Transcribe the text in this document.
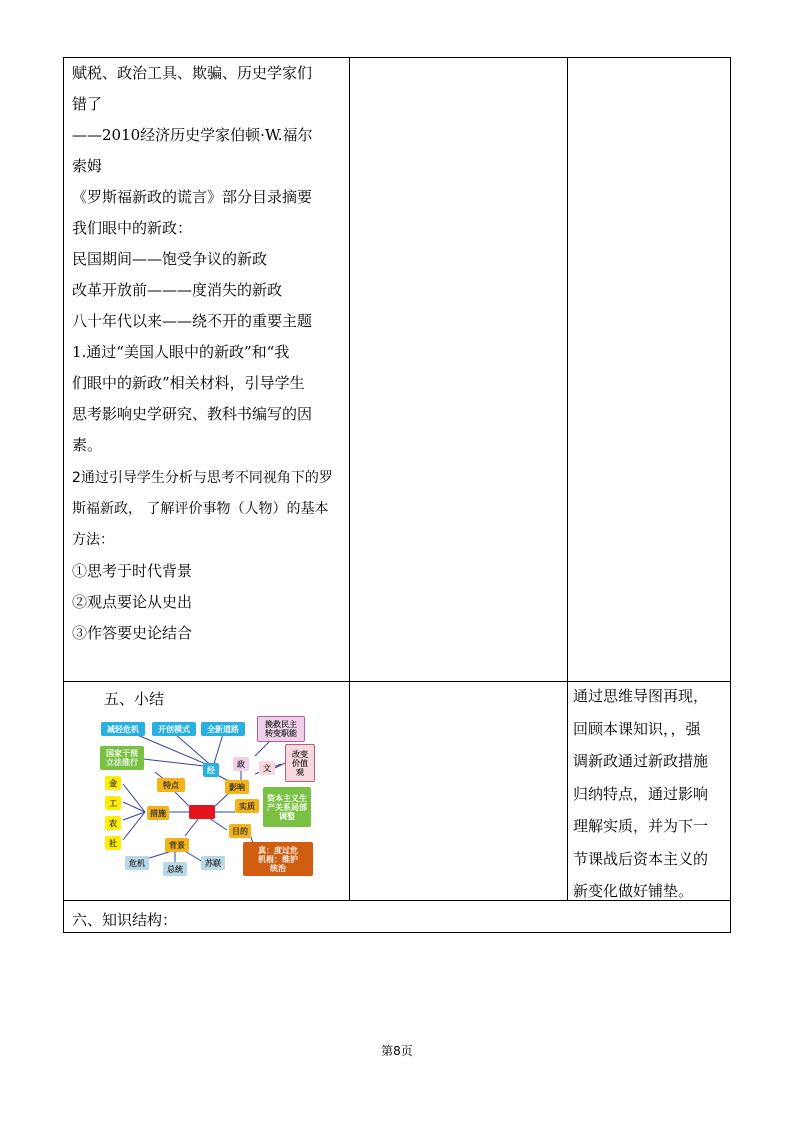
赋税、政治工具、欺骗、历史学家们
错了
——2010经济历史学家伯顿·W.福尔
索姆
《罗斯福新政的谎言》部分目录摘要
我们眼中的新政：
民国期间——饱受争议的新政
改革开放前———度消失的新政
八十年代以来——绕不开的重要主题
1.通过“美国人眼中的新政”和“我
们眼中的新政”相关材料，引导学生
思考影响史学研究、教科书编写的因
素。
2通过引导学生分析与思考不同视角下的罗
斯福新政， 了解评价事物（人物）的基本
方法：
①思考于时代背景
②观点要论从史出
③作答要史论结合
五、小结
减轻危机	开创模式	全新道路	挽救民主转变职能
国家干预立法推行
经
政	文
改变价值观
金
工
农
社
特点	影响
措施
实质
资本主义生产关系局部调整
目的
真：度过危机根：维护统治
背景
危机
总统
苏联
通过思维导图再现，
回顾本课知识，，强
调新政通过新政措施
归纳特点，通过影响
理解实质，并为下一
节课战后资本主义的
新变化做好铺垫。
六、知识结构：
第8页
